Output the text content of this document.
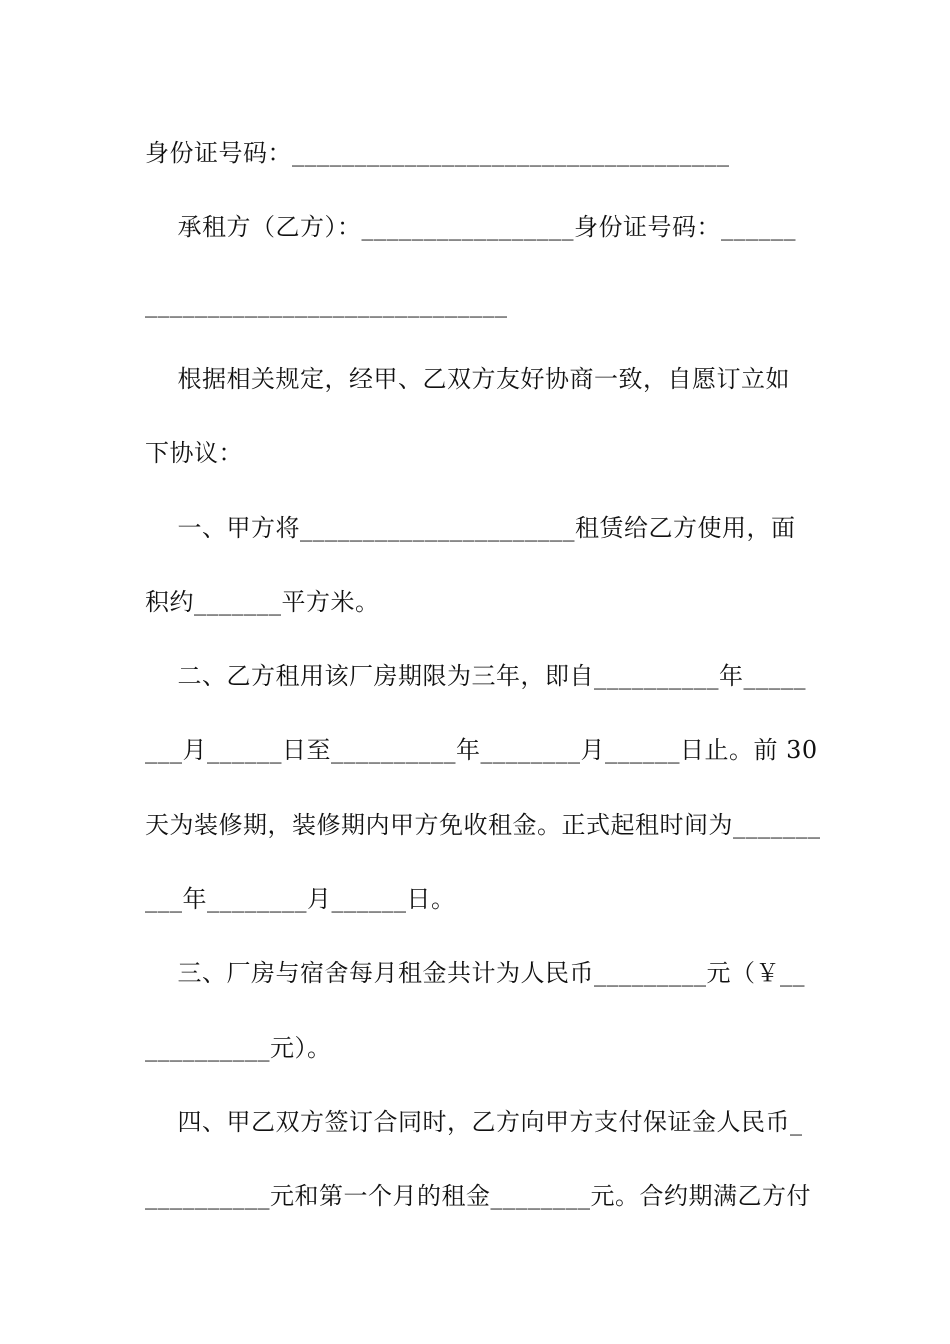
身份证号码：___________________________________
承租方（乙方）：_________________身份证号码：______
_____________________________
根据相关规定，经甲、乙双方友好协商一致，自愿订立如
下协议：
一、甲方将______________________租赁给乙方使用，面
积约_______平方米。
二、乙方租用该厂房期限为三年，即自__________年_____
___月______日至__________年________月______日止。前 30
天为装修期，装修期内甲方免收租金。正式起租时间为_______
___年________月______日。
三、厂房与宿舍每月租金共计为人民币_________元（￥__
__________元）。
四、甲乙双方签订合同时，乙方向甲方支付保证金人民币_
__________元和第一个月的租金________元。合约期满乙方付
